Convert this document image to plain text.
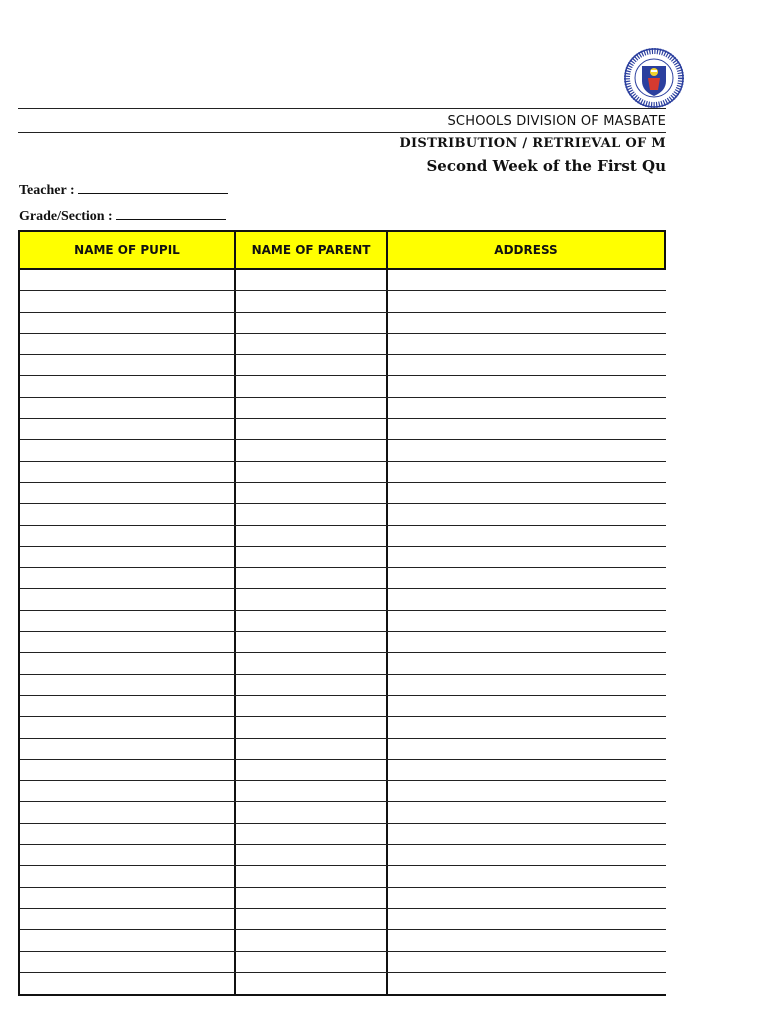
SCHOOLS DIVISION OF MASBATE
DISTRIBUTION / RETRIEVAL OF M
Second Week of the First Qu
Teacher :
Grade/Section :
NAME OF PUPIL	NAME OF PARENT	ADDRESS
